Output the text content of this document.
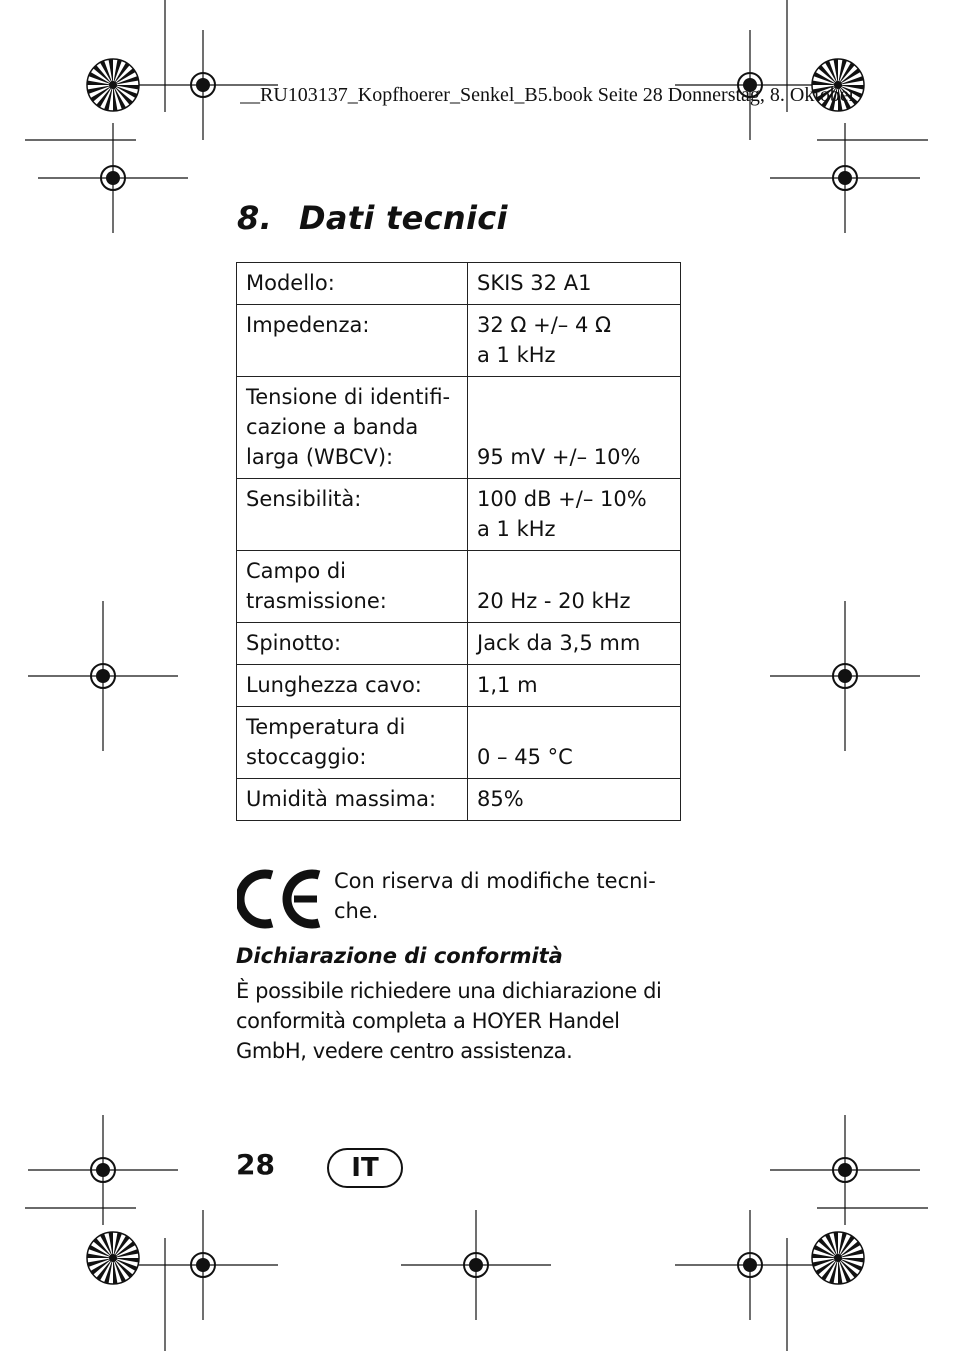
__RU103137_Kopfhoerer_Senkel_B5.book Seite 28 Donnerstag, 8. Oktober
8. Dati tecnici
Modello:	SKIS 32 A1
Impedenza:	32 Ω +/– 4 Ω
a 1 kHz
Tensione di identifi-
cazione a banda
larga (WBCV):	95 mV +/– 10%
Sensibilità:	100 dB +/– 10%
a 1 kHz
Campo di
trasmissione:	20 Hz - 20 kHz
Spinotto:	Jack da 3,5 mm
Lunghezza cavo:	1,1 m
Temperatura di
stoccaggio:	0 – 45 °C
Umidità massima:	85%

Con riserva di modifiche tecni-
che.

Dichiarazione di conformità

È possibile richiedere una dichiarazione di
conformità completa a HOYER Handel
GmbH, vedere centro assistenza.

28	IT
